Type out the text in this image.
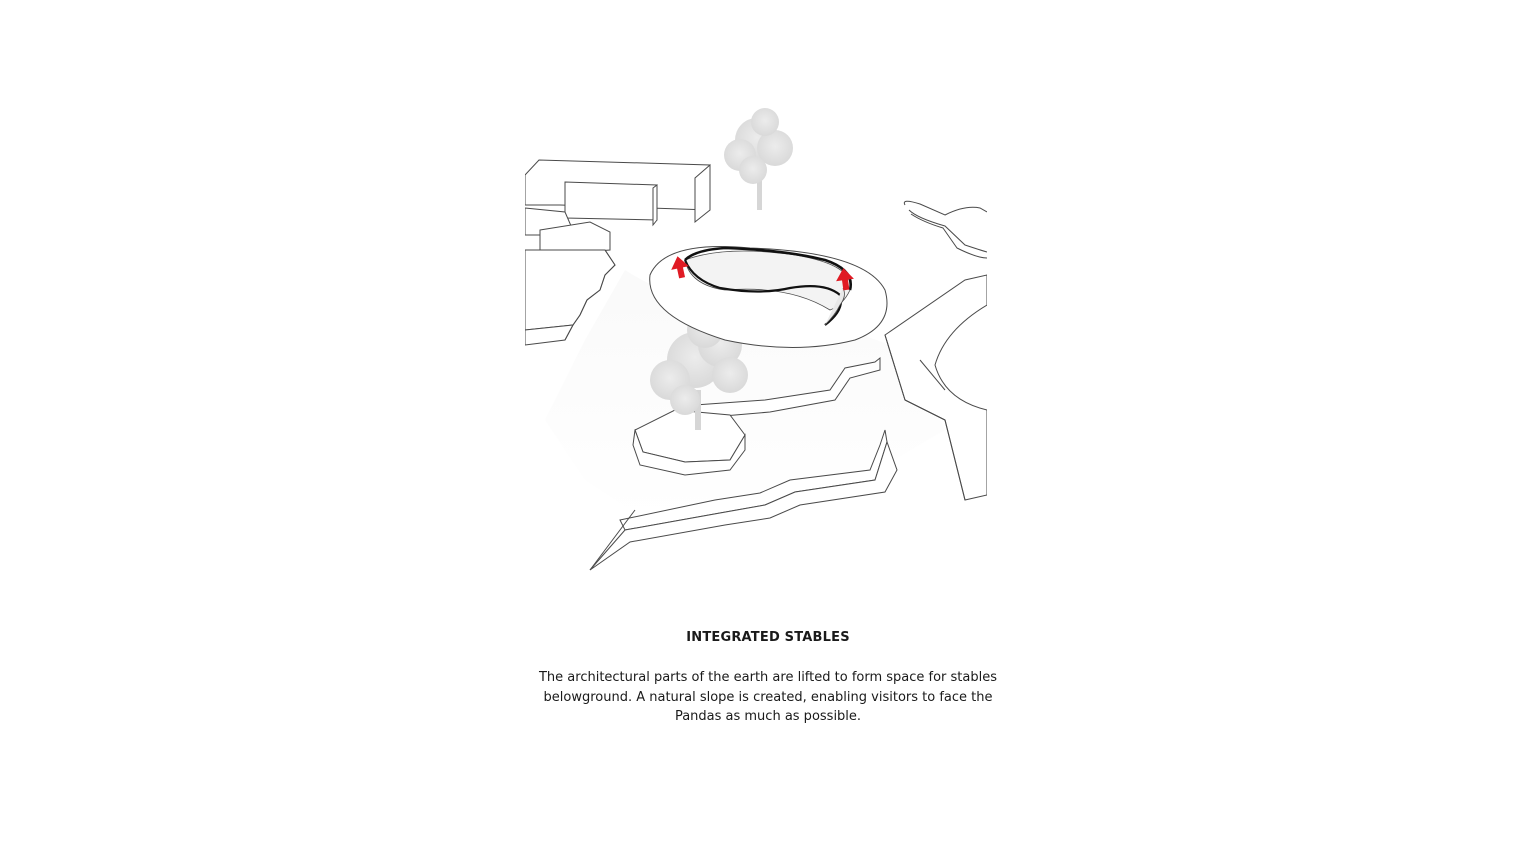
INTEGRATED STABLES
The architectural parts of the earth are lifted to form space for stables
belowground. A natural slope is created, enabling visitors to face the
Pandas as much as possible.
